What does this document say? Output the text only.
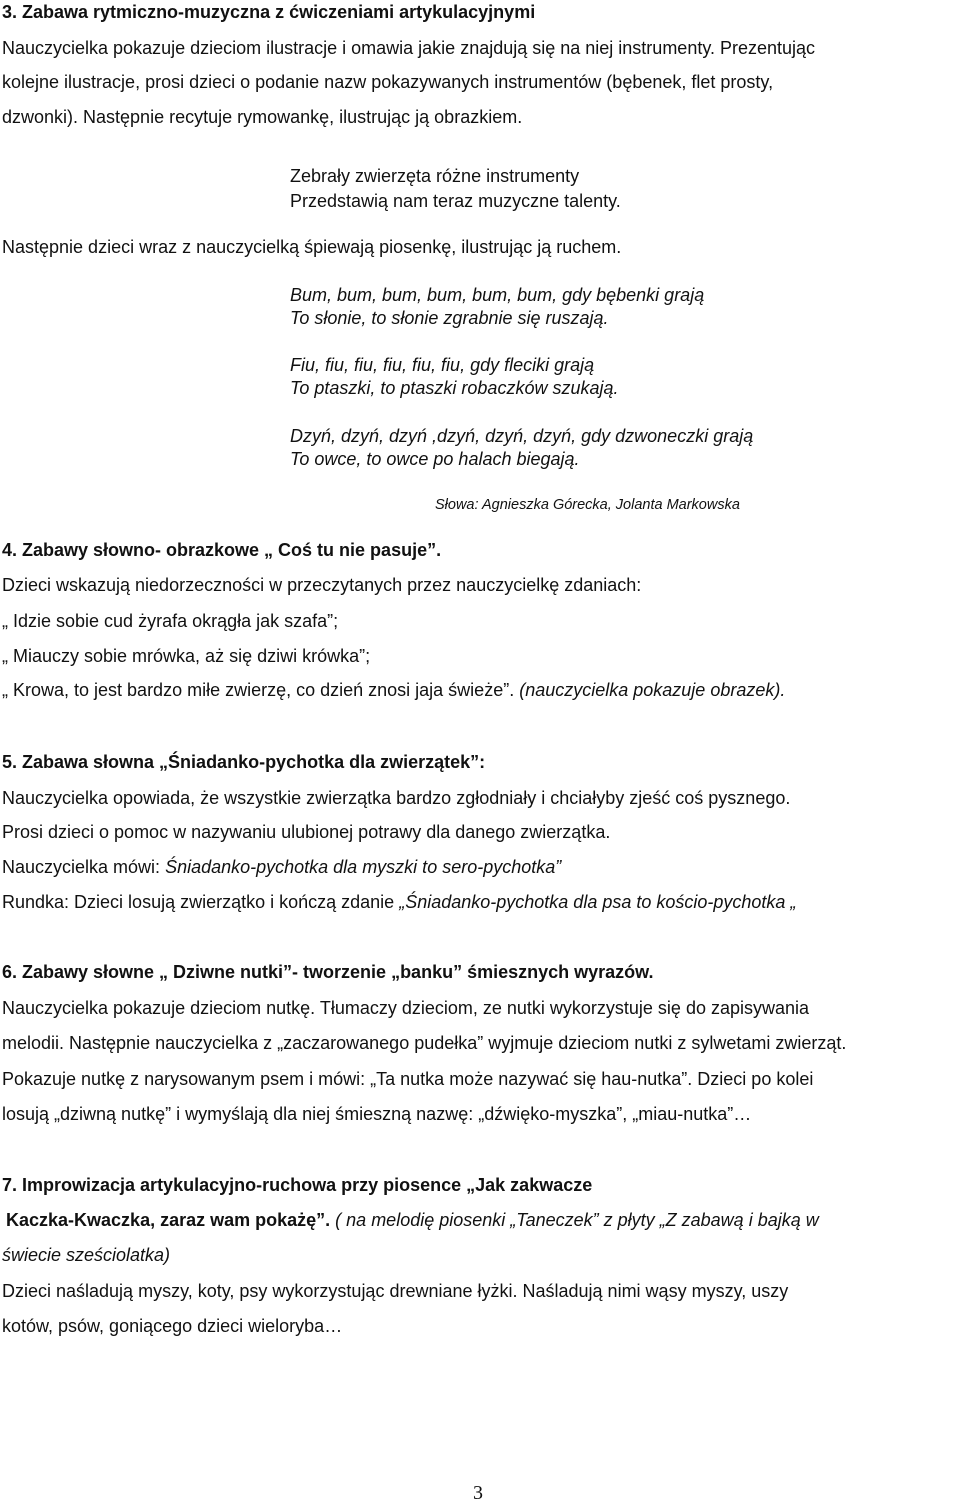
3. Zabawa rytmiczno-muzyczna z ćwiczeniami artykulacyjnymi
Nauczycielka pokazuje dzieciom ilustracje i omawia jakie znajdują się na niej instrumenty. Prezentując
kolejne ilustracje, prosi dzieci o podanie nazw pokazywanych instrumentów (bębenek, flet prosty,
dzwonki). Następnie recytuje rymowankę, ilustrując ją obrazkiem.
Zebrały zwierzęta różne instrumenty
Przedstawią nam teraz muzyczne talenty.
Następnie dzieci wraz z nauczycielką śpiewają piosenkę, ilustrując ją ruchem.
Bum, bum, bum, bum, bum, bum, gdy bębenki grają
To słonie, to słonie zgrabnie się ruszają.
Fiu, fiu, fiu, fiu, fiu, fiu, gdy fleciki grają
To ptaszki, to ptaszki robaczków szukają.
Dzyń, dzyń, dzyń ,dzyń, dzyń, dzyń, gdy dzwoneczki grają
To owce, to owce po halach biegają.
Słowa: Agnieszka Górecka, Jolanta Markowska
4. Zabawy słowno- obrazkowe „ Coś tu nie pasuje”.
Dzieci wskazują niedorzeczności w przeczytanych przez nauczycielkę zdaniach:
„ Idzie sobie cud żyrafa okrągła jak szafa”;
„ Miauczy sobie mrówka, aż się dziwi krówka”;
„ Krowa, to jest bardzo miłe zwierzę, co dzień znosi jaja świeże”. (nauczycielka pokazuje obrazek).
5. Zabawa słowna „Śniadanko-pychotka dla zwierzątek”:
Nauczycielka opowiada, że wszystkie zwierzątka bardzo zgłodniały i chciałyby zjeść coś pysznego.
Prosi dzieci o pomoc w nazywaniu ulubionej potrawy dla danego zwierzątka.
Nauczycielka mówi: Śniadanko-pychotka dla myszki to sero-pychotka”
Rundka: Dzieci losują zwierzątko i kończą zdanie „Śniadanko-pychotka dla psa to kościo-pychotka „
6. Zabawy słowne „ Dziwne nutki”- tworzenie „banku” śmiesznych wyrazów.
Nauczycielka pokazuje dzieciom nutkę. Tłumaczy dzieciom, ze nutki wykorzystuje się do zapisywania
melodii. Następnie nauczycielka z „zaczarowanego pudełka” wyjmuje dzieciom nutki z sylwetami zwierząt.
Pokazuje nutkę z narysowanym psem i mówi: „Ta nutka może nazywać się hau-nutka”. Dzieci po kolei
losują „dziwną nutkę” i wymyślają dla niej śmieszną nazwę: „dźwięko-myszka”, „miau-nutka”…
7. Improwizacja artykulacyjno-ruchowa przy piosence „Jak zakwacze
Kaczka-Kwaczka, zaraz wam pokażę”. ( na melodię piosenki „Taneczek” z płyty „Z zabawą i bajką w
świecie sześciolatka)
Dzieci naśladują myszy, koty, psy wykorzystując drewniane łyżki. Naśladują nimi wąsy myszy, uszy
kotów, psów, goniącego dzieci wieloryba…
3
